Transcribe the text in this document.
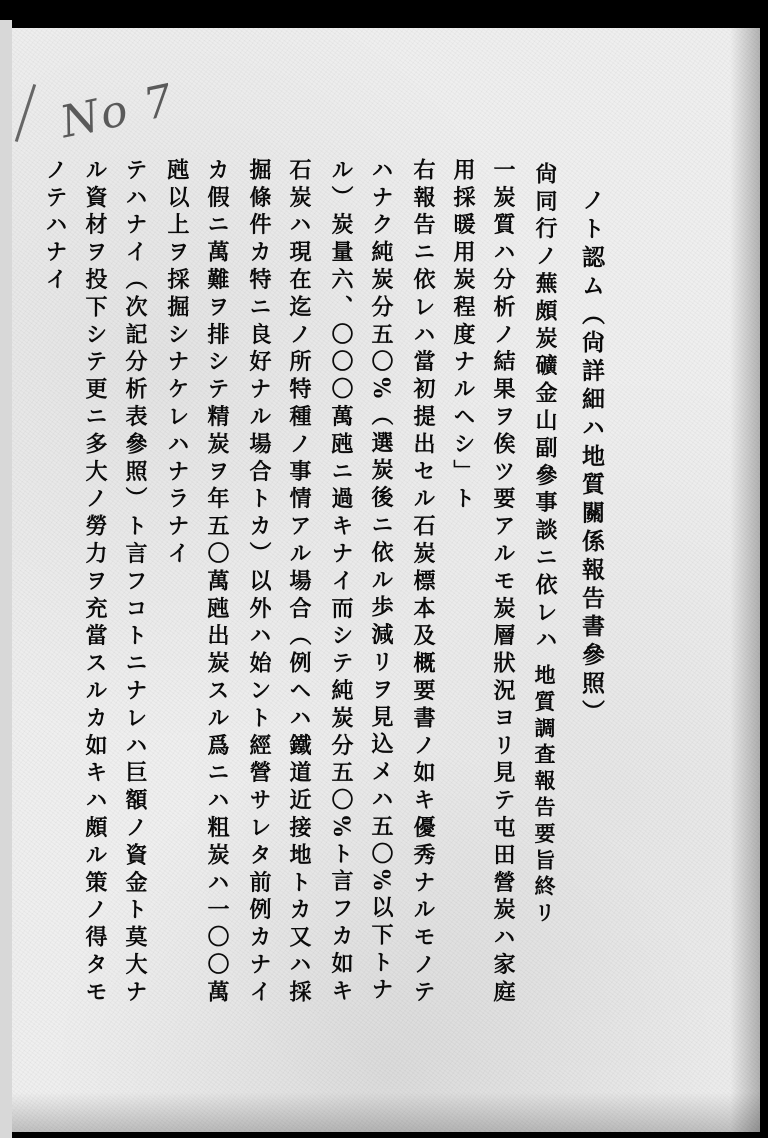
No 7
ノト認ム（尙詳細ハ地質關係報告書參照）
尙同行ノ蕪頗炭礦金山副參事談ニ依レハ
地質調査報告要旨終リ
一炭質ハ分析ノ結果ヲ俟ツ要アルモ炭層狀況ヨリ見テ屯田營炭ハ家庭
用採暖用炭程度ナルヘシ」ト
右報告ニ依レハ當初提出セル石炭標本及概要書ノ如キ優秀ナルモノテ
ハナク純炭分五〇%（選炭後ニ依ル歩減リヲ見込メハ五〇%以下トナ
ル）炭量六、〇〇〇萬瓲ニ過キナイ而シテ純炭分五〇%ト言フカ如キ
石炭ハ現在迄ノ所特種ノ事情アル場合（例ヘハ鐵道近接地トカ又ハ採
掘條件カ特ニ良好ナル場合トカ）以外ハ始ント經營サレタ前例カナイ
カ假ニ萬難ヲ排シテ精炭ヲ年五〇萬瓲出炭スル爲ニハ粗炭ハ一〇〇萬
瓲以上ヲ採掘シナケレハナラナイ
テハナイ（次記分析表參照）ト言フコトニナレハ巨額ノ資金ト莫大ナ
ル資材ヲ投下シテ更ニ多大ノ勞力ヲ充當スルカ如キハ頗ル策ノ得タモ
ノテハナイ
